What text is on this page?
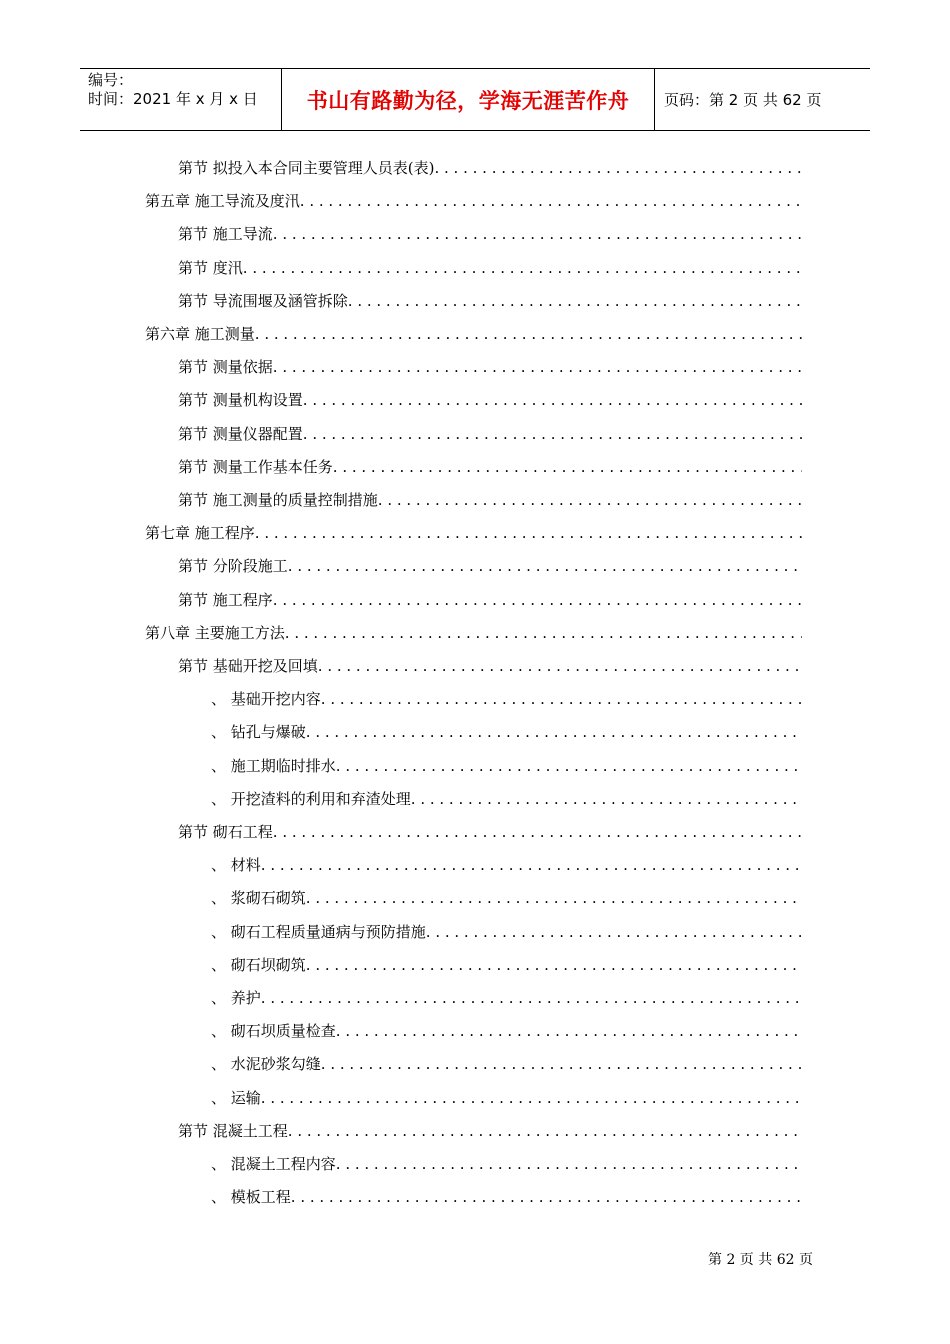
编号：
时间：2021 年 x 月 x 日	书山有路勤为径，学海无涯苦作舟	页码：第 2 页 共 62 页
第节 拟投入本合同主要管理人员表(表)
. . .
第五章 施工导流及度汛
. . .
第节 施工导流
. . .
第节 度汛
. . .
第节 导流围堰及涵管拆除
. . .
第六章 施工测量
. . .
第节 测量依据
. . .
第节 测量机构设置
. . .
第节 测量仪器配置
. . .
第节 测量工作基本任务
. . .
第节 施工测量的质量控制措施
. . .
第七章 施工程序
. . .
第节 分阶段施工
. . .
第节 施工程序
. . .
第八章 主要施工方法
. . .
第节 基础开挖及回填
. . .
、 基础开挖内容
. . .
、 钻孔与爆破
. . .
、 施工期临时排水
. . .
、 开挖渣料的利用和弃渣处理
. . .
第节 砌石工程
. . .
、 材料
. . .
、 浆砌石砌筑
. . .
、 砌石工程质量通病与预防措施
. . .
、 砌石坝砌筑
. . .
、 养护
. . .
、 砌石坝质量检查
. . .
、 水泥砂浆勾缝
. . .
、 运输
. . .
第节 混凝土工程
. . .
、 混凝土工程内容
. . .
、 模板工程
. . .
第 2 页 共 62 页
